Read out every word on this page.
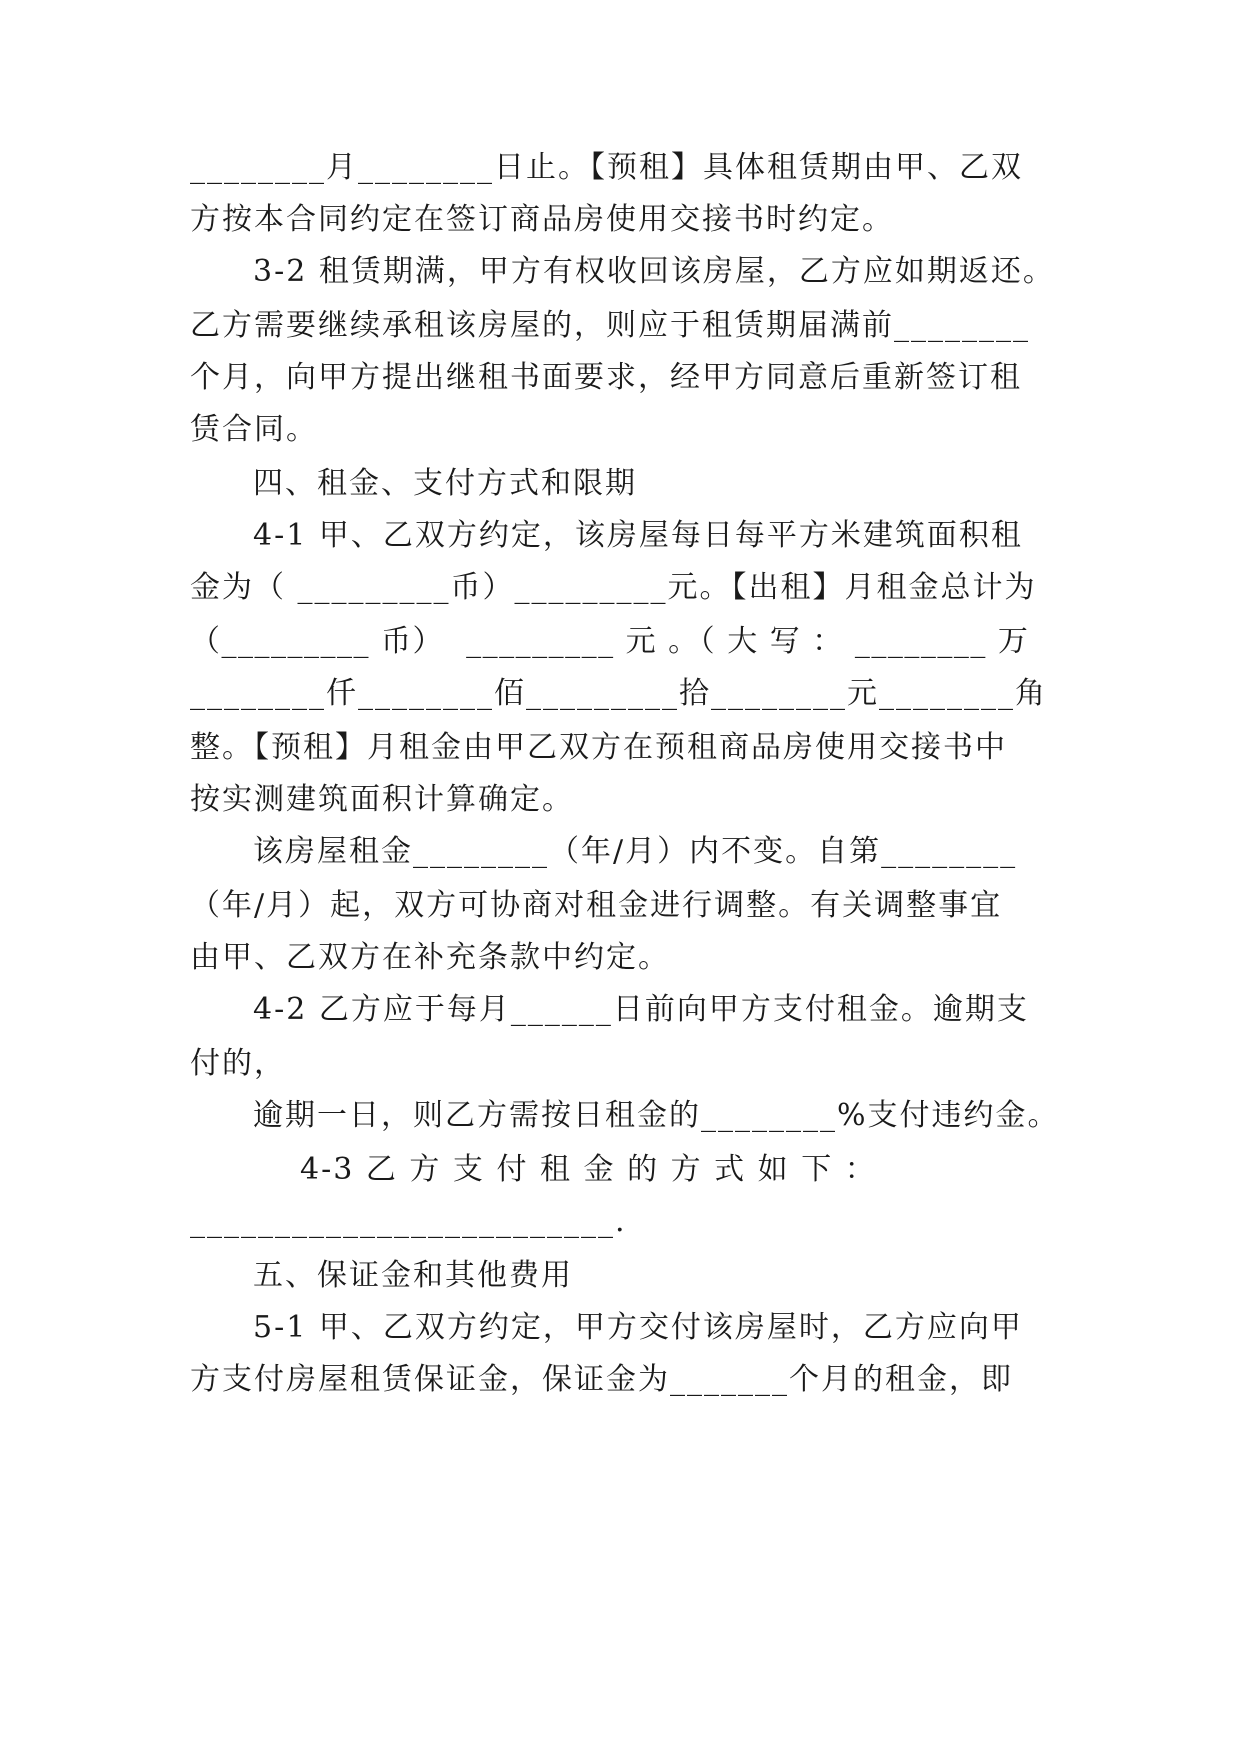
________月________日止。【预租】具体租赁期由甲、乙双
方按本合同约定在签订商品房使用交接书时约定。
3-2 租赁期满，甲方有权收回该房屋，乙方应如期返还。
乙方需要继续承租该房屋的，则应于租赁期届满前________
个月，向甲方提出继租书面要求，经甲方同意后重新签订租
赁合同。
四、租金、支付方式和限期
4-1 甲、乙双方约定，该房屋每日每平方米建筑面积租
金为（ _________币）_________元。【出租】月租金总计为
（_________ 币）  _________ 元 。（ 大 写 ： ________ 万
________仟________佰_________拾________元________角
整。【预租】月租金由甲乙双方在预租商品房使用交接书中
按实测建筑面积计算确定。
该房屋租金________（年/月）内不变。自第________
（年/月）起，双方可协商对租金进行调整。有关调整事宜
由甲、乙双方在补充条款中约定。
4-2 乙方应于每月______日前向甲方支付租金。逾期支
付的，
逾期一日，则乙方需按日租金的________%支付违约金。
4-3 乙 方 支 付 租 金 的 方 式 如 下 ：
_________________________.
五、保证金和其他费用
5-1 甲、乙双方约定，甲方交付该房屋时，乙方应向甲
方支付房屋租赁保证金，保证金为_______个月的租金，即
